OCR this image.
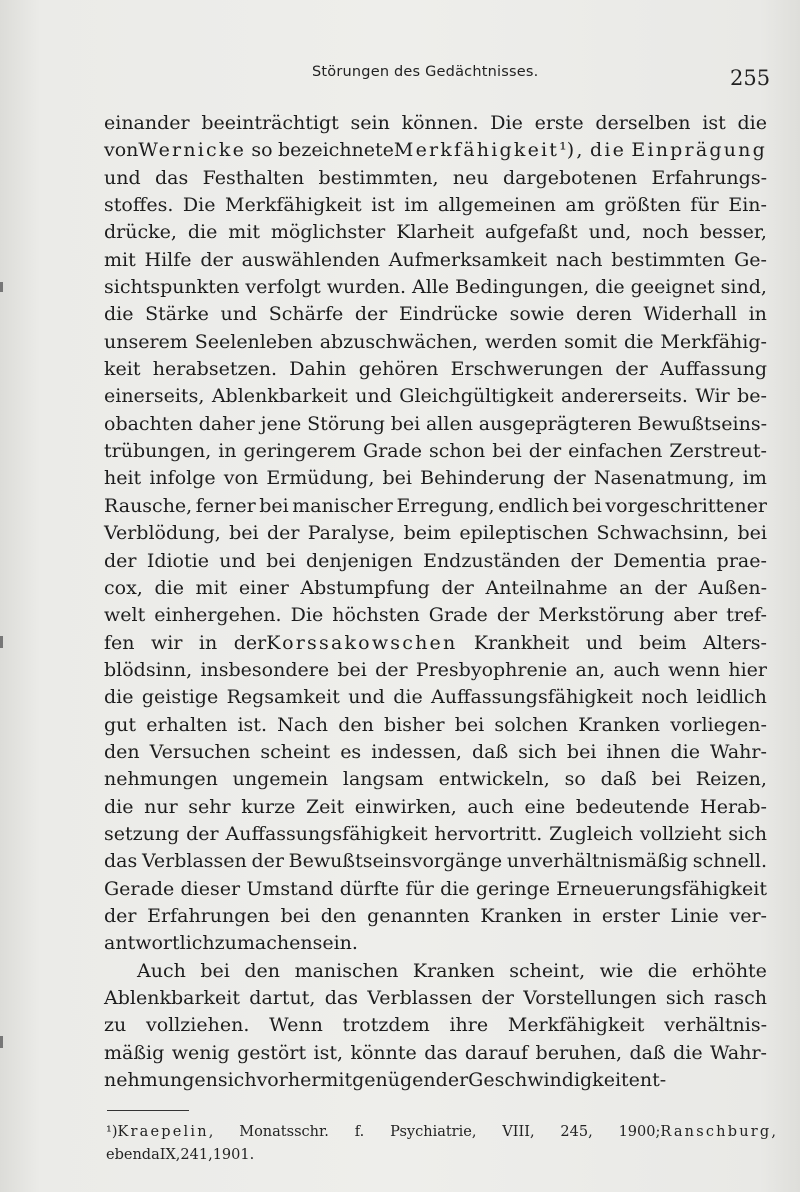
Störungen des Gedächtnisses.	255
einander beeinträchtigt sein können. Die erste derselben ist die
vonWernicke so bezeichneteMerkfähigkeit¹), die Einprägung
und das Festhalten bestimmten, neu dargebotenen Erfahrungs-
stoffes. Die Merkfähigkeit ist im allgemeinen am größten für Ein-
drücke, die mit möglichster Klarheit aufgefaßt und, noch besser,
mit Hilfe der auswählenden Aufmerksamkeit nach bestimmten Ge-
sichtspunkten verfolgt wurden. Alle Bedingungen, die geeignet sind,
die Stärke und Schärfe der Eindrücke sowie deren Widerhall in
unserem Seelenleben abzuschwächen, werden somit die Merkfähig-
keit herabsetzen. Dahin gehören Erschwerungen der Auffassung
einerseits, Ablenkbarkeit und Gleichgültigkeit andererseits. Wir be-
obachten daher jene Störung bei allen ausgeprägteren Bewußtseins-
trübungen, in geringerem Grade schon bei der einfachen Zerstreut-
heit infolge von Ermüdung, bei Behinderung der Nasenatmung, im
Rausche, ferner bei manischer Erregung, endlich bei vorgeschrittener
Verblödung, bei der Paralyse, beim epileptischen Schwachsinn, bei
der Idiotie und bei denjenigen Endzuständen der Dementia prae-
cox, die mit einer Abstumpfung der Anteilnahme an der Außen-
welt einhergehen. Die höchsten Grade der Merkstörung aber tref-
fen wir in derKorssakowschen Krankheit und beim Alters-
blödsinn, insbesondere bei der Presbyophrenie an, auch wenn hier
die geistige Regsamkeit und die Auffassungsfähigkeit noch leidlich
gut erhalten ist. Nach den bisher bei solchen Kranken vorliegen-
den Versuchen scheint es indessen, daß sich bei ihnen die Wahr-
nehmungen ungemein langsam entwickeln, so daß bei Reizen,
die nur sehr kurze Zeit einwirken, auch eine bedeutende Herab-
setzung der Auffassungsfähigkeit hervortritt. Zugleich vollzieht sich
das Verblassen der Bewußtseinsvorgänge unverhältnismäßig schnell.
Gerade dieser Umstand dürfte für die geringe Erneuerungsfähigkeit
der Erfahrungen bei den genannten Kranken in erster Linie ver-
antwortlich zu machen sein.
Auch bei den manischen Kranken scheint, wie die erhöhte
Ablenkbarkeit dartut, das Verblassen der Vorstellungen sich rasch
zu vollziehen. Wenn trotzdem ihre Merkfähigkeit verhältnis-
mäßig wenig gestört ist, könnte das darauf beruhen, daß die Wahr-
nehmungen sich vorher mit genügender Geschwindigkeit ent-
¹)Kraepelin, Monatsschr. f. Psychiatrie, VIII, 245, 1900;Ranschburg,
ebenda IX, 241, 1901.
